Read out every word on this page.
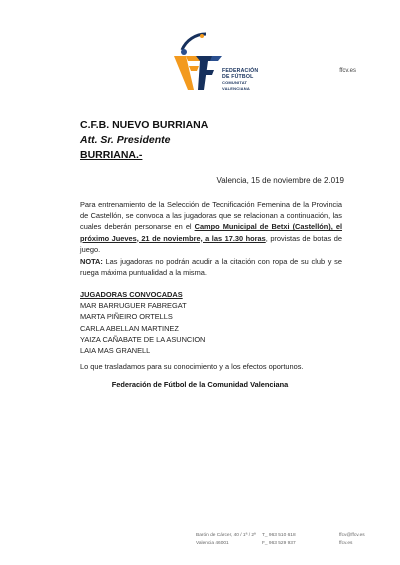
FEDERACIÓN
DE FÚTBOL
COMUNITAT
VALENCIANA
ffcv.es
C.F.B. NUEVO BURRIANA
Att. Sr. Presidente
BURRIANA.-
Valencia, 15 de noviembre de 2.019
Para entrenamiento de la Selección de Tecnificación Femenina de la Provincia de Castellón, se convoca a las jugadoras que se relacionan a continuación, las cuales deberán personarse en el Campo Municipal de Betxi (Castellón), el próximo Jueves, 21 de noviembre, a las 17.30 horas, provistas de botas de juego.
NOTA: Las jugadoras no podrán acudir a la citación con ropa de su club y se ruega máxima puntualidad a la misma.
JUGADORAS CONVOCADAS
MAR BARRUGUER FABREGAT
MARTA PIÑEIRO ORTELLS
CARLA ABELLAN MARTINEZ
YAIZA CAÑABATE DE LA ASUNCION
LAIA MAS GRANELL
Lo que trasladamos para su conocimiento y a los efectos oportunos.
Federación de Fútbol de la Comunidad Valenciana
Barón de Cárcer, 40 / 1ª / 2ª
Valencia 46001
T_ 963 510 618
F_ 963 529 937
ffcv@ffcv.es
ffcv.es
